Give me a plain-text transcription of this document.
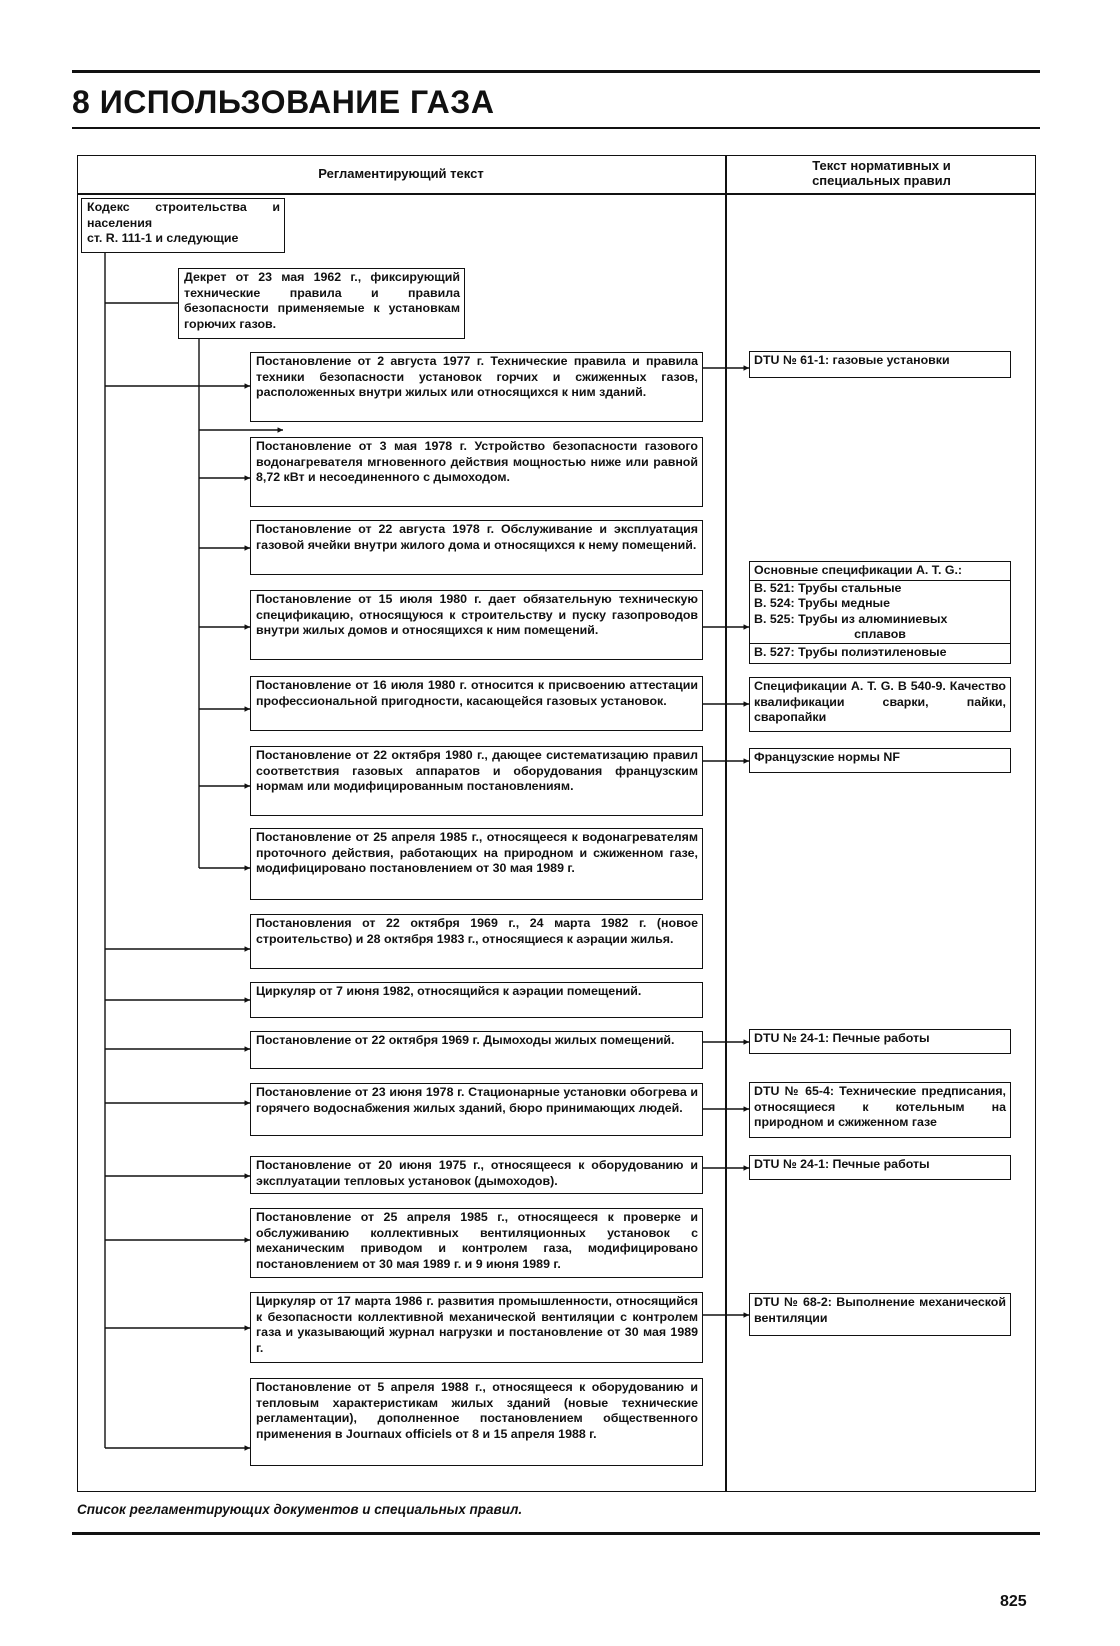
8 ИСПОЛЬЗОВАНИЕ ГАЗА
Регламентирующий текст
Текст нормативных и
специальных правил
Кодекс строительства и
населения
ст. R. 111-1 и следующие
Декрет от 23 мая 1962 г., фиксирующий технические правила и правила безопасности применяемые к установкам горючих газов.
Постановление от 2 августа 1977 г. Технические правила и правила техники безопасности установок горчих и сжиженных газов, расположенных внутри жилых или относящихся к ним зданий.
Постановление от 3 мая 1978 г. Устройство безопасности газового водонагревателя мгновенного действия мощностью ниже или равной 8,72 кВт и несоединенного с дымоходом.
Постановление от 22 августа 1978 г. Обслуживание и эксплуатация газовой ячейки внутри жилого дома и относящихся к нему помещений.
Постановление от 15 июля 1980 г. дает обязательную техническую спецификацию, относящуюся к строительству и пуску газопроводов внутри жилых домов и относящихся к ним помещений.
Постановление от 16 июля 1980 г. относится к присвоению аттестации профессиональной пригодности, касающейся газовых установок.
Постановление от 22 октября 1980 г., дающее систематизацию правил соответствия газовых аппаратов и оборудования французским нормам или модифицированным постановлениям.
Постановление от 25 апреля 1985 г., относящееся к водонагревателям проточного действия, работающих на природном и сжиженном газе, модифицировано постановлением от 30 мая 1989 г.
Постановления от 22 октября 1969 г., 24 марта 1982 г. (новое строительство) и 28 октября 1983 г., относящиеся к аэрации жилья.
Циркуляр от 7 июня 1982, относящийся к аэрации помещений.
Постановление от 22 октября 1969 г. Дымоходы жилых помещений.
Постановление от 23 июня 1978 г. Стационарные установки обогрева и горячего водоснабжения жилых зданий, бюро принимающих людей.
Постановление от 20 июня 1975 г., относящееся к оборудованию и эксплуатации тепловых установок (дымоходов).
Постановление от 25 апреля 1985 г., относящееся к проверке и обслуживанию коллективных вентиляционных установок с механическим приводом и контролем газа, модифицировано постановлением от 30 мая 1989 г. и 9 июня 1989 г.
Циркуляр от 17 марта 1986 г. развития промышленности, относящийся к безопасности коллективной механической вентиляции с контролем газа и указывающий журнал нагрузки и постановление от 30 мая 1989 г.
Постановление от 5 апреля 1988 г., относящееся к оборудованию и тепловым характеристикам жилых зданий (новые технические регламентации), дополненное постановлением общественного применения в Journaux officiels от 8 и 15 апреля 1988 г.
DTU № 61-1: газовые установки
Основные спецификации А. Т. G.:
В. 521: Трубы стальные
В. 524: Трубы медные
В. 525: Трубы из алюминиевых
сплавов
В. 527: Трубы полиэтиленовые
Спецификации А. Т. G. В 540-9. Качество квалификации сварки, пайки, сваропайки
Французские нормы NF
DTU № 24-1: Печные работы
DTU № 65-4: Технические предписания, относящиеся к котельным на природном и сжиженном газе
DTU № 24-1: Печные работы
DTU № 68-2: Выполнение механической вентиляции
Список регламентирующих документов и специальных правил.
825
